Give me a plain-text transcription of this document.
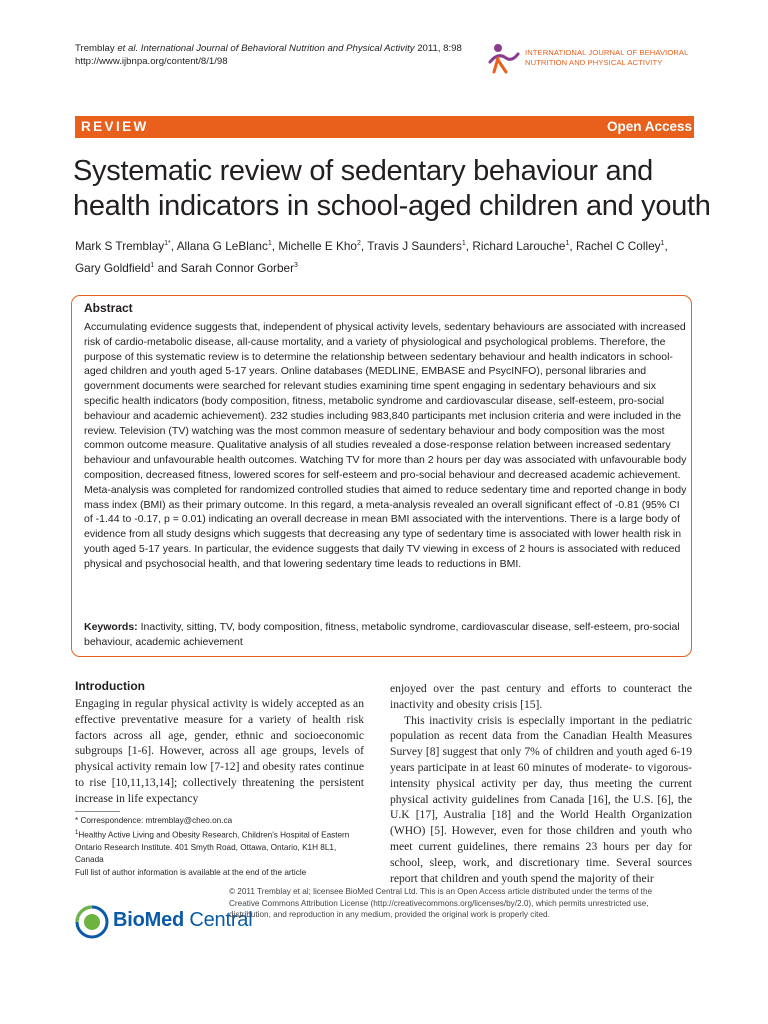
Tremblay et al. International Journal of Behavioral Nutrition and Physical Activity 2011, 8:98
http://www.ijbnpa.org/content/8/1/98
INTERNATIONAL JOURNAL OF BEHAVIORAL
NUTRITION AND PHYSICAL ACTIVITY
REVIEW	Open Access
Systematic review of sedentary behaviour and health indicators in school-aged children and youth
Mark S Tremblay$^{1*}$, Allana G LeBlanc$^1$, Michelle E Kho$^2$, Travis J Saunders$^1$, Richard Larouche$^1$, Rachel C Colley$^1$, Gary Goldfield$^1$ and Sarah Connor Gorber$^3$
Abstract
Accumulating evidence suggests that, independent of physical activity levels, sedentary behaviours are associated with increased risk of cardio-metabolic disease, all-cause mortality, and a variety of physiological and psychological problems. Therefore, the purpose of this systematic review is to determine the relationship between sedentary behaviour and health indicators in school-aged children and youth aged 5-17 years. Online databases (MEDLINE, EMBASE and PsycINFO), personal libraries and government documents were searched for relevant studies examining time spent engaging in sedentary behaviours and six specific health indicators (body composition, fitness, metabolic syndrome and cardiovascular disease, self-esteem, pro-social behaviour and academic achievement). 232 studies including 983,840 participants met inclusion criteria and were included in the review. Television (TV) watching was the most common measure of sedentary behaviour and body composition was the most common outcome measure. Qualitative analysis of all studies revealed a dose-response relation between increased sedentary behaviour and unfavourable health outcomes. Watching TV for more than 2 hours per day was associated with unfavourable body composition, decreased fitness, lowered scores for self-esteem and pro-social behaviour and decreased academic achievement. Meta-analysis was completed for randomized controlled studies that aimed to reduce sedentary time and reported change in body mass index (BMI) as their primary outcome. In this regard, a meta-analysis revealed an overall significant effect of -0.81 (95% CI of -1.44 to -0.17, p = 0.01) indicating an overall decrease in mean BMI associated with the interventions. There is a large body of evidence from all study designs which suggests that decreasing any type of sedentary time is associated with lower health risk in youth aged 5-17 years. In particular, the evidence suggests that daily TV viewing in excess of 2 hours is associated with reduced physical and psychosocial health, and that lowering sedentary time leads to reductions in BMI.
Keywords: Inactivity, sitting, TV, body composition, fitness, metabolic syndrome, cardiovascular disease, self-esteem, pro-social behaviour, academic achievement
Introduction
Engaging in regular physical activity is widely accepted as an effective preventative measure for a variety of health risk factors across all age, gender, ethnic and socioeconomic subgroups [1-6]. However, across all age groups, levels of physical activity remain low [7-12] and obesity rates continue to rise [10,11,13,14]; collectively threatening the persistent increase in life expectancy
enjoyed over the past century and efforts to counteract the inactivity and obesity crisis [15].
This inactivity crisis is especially important in the pediatric population as recent data from the Canadian Health Measures Survey [8] suggest that only 7% of children and youth aged 6-19 years participate in at least 60 minutes of moderate- to vigorous-intensity physical activity per day, thus meeting the current physical activity guidelines from Canada [16], the U.S. [6], the U.K [17], Australia [18] and the World Health Organization (WHO) [5]. However, even for those children and youth who meet current guidelines, there remains 23 hours per day for school, sleep, work, and discretionary time. Several sources report that children and youth spend the majority of their
* Correspondence: mtremblay@cheo.on.ca
$^1$Healthy Active Living and Obesity Research, Children's Hospital of Eastern Ontario Research Institute. 401 Smyth Road, Ottawa, Ontario, K1H 8L1, Canada
Full list of author information is available at the end of the article
BioMed Central
© 2011 Tremblay et al; licensee BioMed Central Ltd. This is an Open Access article distributed under the terms of the Creative Commons Attribution License (http://creativecommons.org/licenses/by/2.0), which permits unrestricted use, distribution, and reproduction in any medium, provided the original work is properly cited.
